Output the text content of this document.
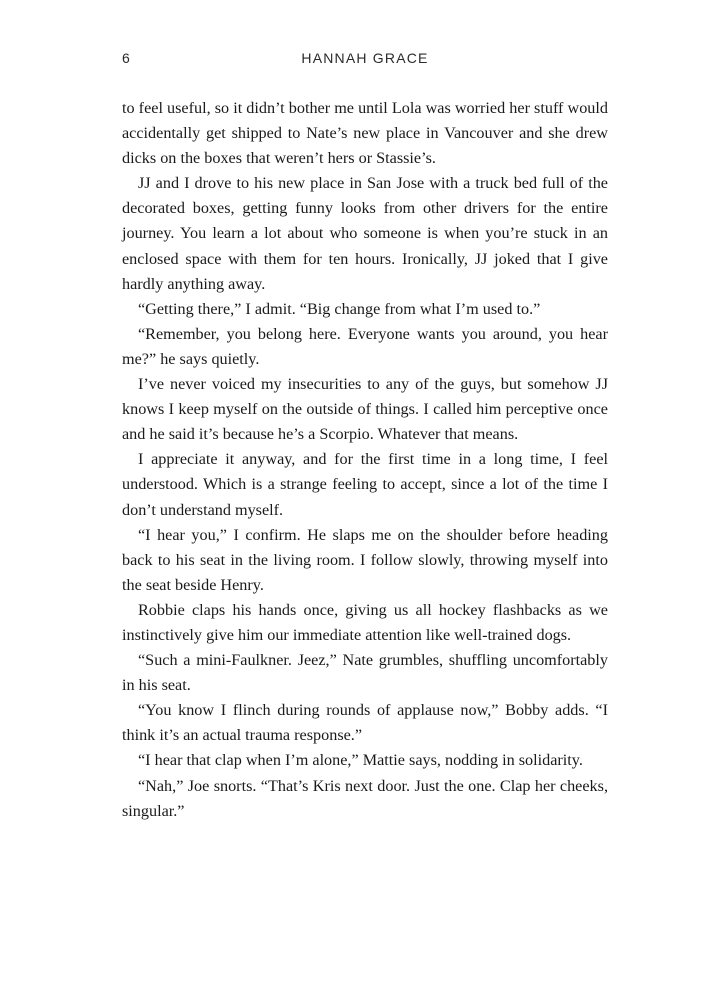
6	HANNAH GRACE

to feel useful, so it didn’t bother me until Lola was worried her stuff would accidentally get shipped to Nate’s new place in Vancouver and she drew dicks on the boxes that weren’t hers or Stassie’s.

JJ and I drove to his new place in San Jose with a truck bed full of the decorated boxes, getting funny looks from other drivers for the entire journey. You learn a lot about who someone is when you’re stuck in an enclosed space with them for ten hours. Ironically, JJ joked that I give hardly anything away.

“Getting there,” I admit. “Big change from what I’m used to.”

“Remember, you belong here. Everyone wants you around, you hear me?” he says quietly.

I’ve never voiced my insecurities to any of the guys, but somehow JJ knows I keep myself on the outside of things. I called him perceptive once and he said it’s because he’s a Scorpio. Whatever that means.

I appreciate it anyway, and for the first time in a long time, I feel understood. Which is a strange feeling to accept, since a lot of the time I don’t understand myself.

“I hear you,” I confirm. He slaps me on the shoulder before heading back to his seat in the living room. I follow slowly, throwing myself into the seat beside Henry.

Robbie claps his hands once, giving us all hockey flashbacks as we instinctively give him our immediate attention like well-trained dogs.

“Such a mini-Faulkner. Jeez,” Nate grumbles, shuffling uncomfortably in his seat.

“You know I flinch during rounds of applause now,” Bobby adds. “I think it’s an actual trauma response.”

“I hear that clap when I’m alone,” Mattie says, nodding in solidarity.

“Nah,” Joe snorts. “That’s Kris next door. Just the one. Clap her cheeks, singular.”
